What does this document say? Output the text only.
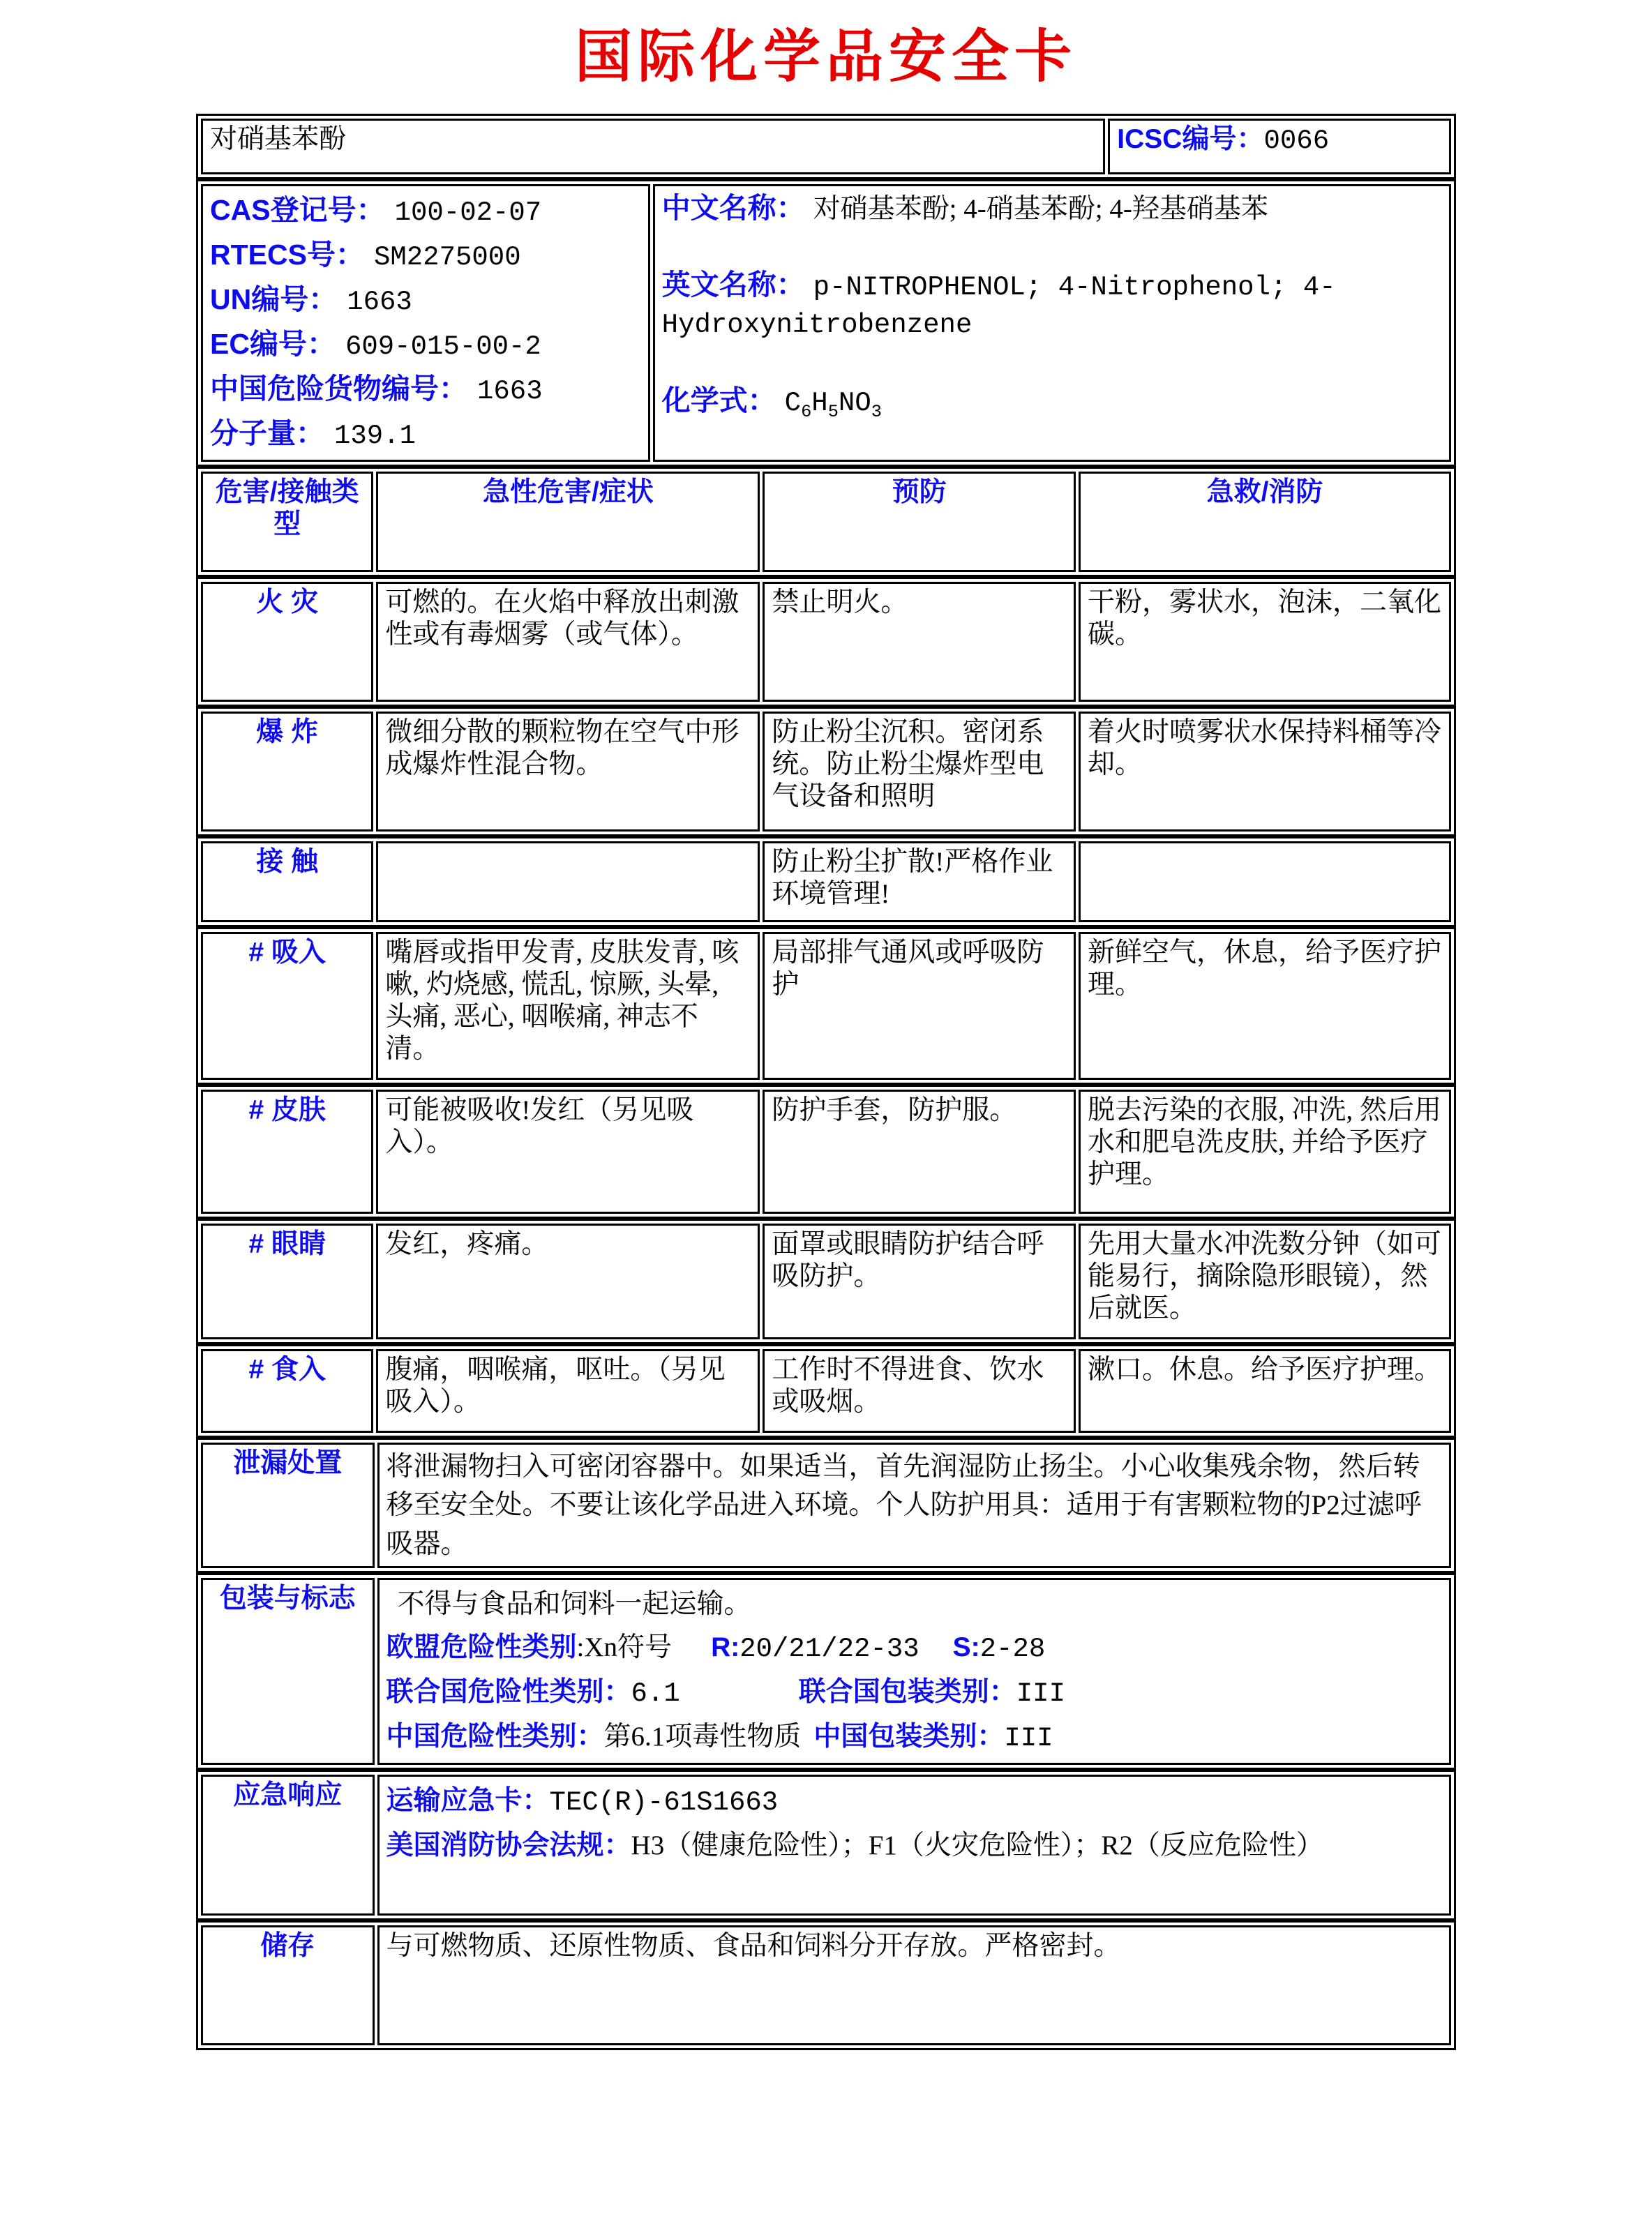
国际化学品安全卡
对硝基苯酚	ICSC编号：0066
CAS登记号： 100-02-07
RTECS号： SM2275000
UN编号： 1663
EC编号： 609-015-00-2
中国危险货物编号： 1663
分子量： 139.1

中文名称： 对硝基苯酚; 4-硝基苯酚; 4-羟基硝基苯
英文名称： p-NITROPHENOL; 4-Nitrophenol; 4-Hydroxynitrobenzene
化学式： $C_6H_5NO_3$
危害/接触类型	急性危害/症状	预防	急救/消防
火 灾	可燃的。在火焰中释放出刺激性或有毒烟雾（或气体）。	禁止明火。	干粉，雾状水，泡沫，二氧化碳。
爆 炸	微细分散的颗粒物在空气中形成爆炸性混合物。	防止粉尘沉积。密闭系统。防止粉尘爆炸型电气设备和照明	着火时喷雾状水保持料桶等冷却。
接 触		防止粉尘扩散!严格作业环境管理!	
# 吸入	嘴唇或指甲发青, 皮肤发青, 咳嗽, 灼烧感, 慌乱, 惊厥, 头晕, 头痛, 恶心, 咽喉痛, 神志不清。	局部排气通风或呼吸防护	新鲜空气，休息，给予医疗护理。
# 皮肤	可能被吸收!发红（另见吸入）。	防护手套，防护服。	脱去污染的衣服, 冲洗, 然后用水和肥皂洗皮肤, 并给予医疗护理。
# 眼睛	发红，疼痛。	面罩或眼睛防护结合呼吸防护。	先用大量水冲洗数分钟（如可能易行，摘除隐形眼镜），然后就医。
# 食入	腹痛，咽喉痛，呕吐。（另见吸入）。	工作时不得进食、饮水或吸烟。	漱口。休息。给予医疗护理。
泄漏处置	将泄漏物扫入可密闭容器中。如果适当，首先润湿防止扬尘。小心收集残余物，然后转移至安全处。不要让该化学品进入环境。个人防护用具：适用于有害颗粒物的P2过滤呼吸器。
包装与标志	不得与食品和饲料一起运输。
欧盟危险性类别:Xn符号 R:20/21/22-33 S:2-28
联合国危险性类别：6.1	联合国包装类别：III
中国危险性类别：第6.1项毒性物质 中国包装类别：III
应急响应	运输应急卡：TEC(R)-61S1663
美国消防协会法规：H3（健康危险性）；F1（火灾危险性）；R2（反应危险性）
储存	与可燃物质、还原性物质、食品和饲料分开存放。严格密封。
